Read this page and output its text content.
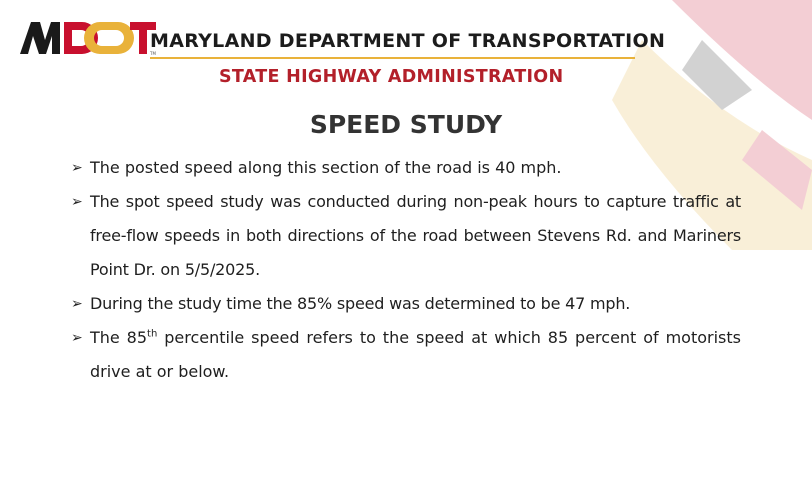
TM
MARYLAND DEPARTMENT OF TRANSPORTATION
STATE HIGHWAY ADMINISTRATION
SPEED STUDY
➢ The posted speed along this section of the road is 40 mph.
➢ The spot speed study was conducted during non-peak hours to capture traffic at free-flow speeds in both directions of the road between Stevens Rd. and Mariners Point Dr. on 5/5/2025.
➢ During the study time the 85% speed was determined to be 47 mph.
➢ The 85th percentile speed refers to the speed at which 85 percent of motorists drive at or below.
